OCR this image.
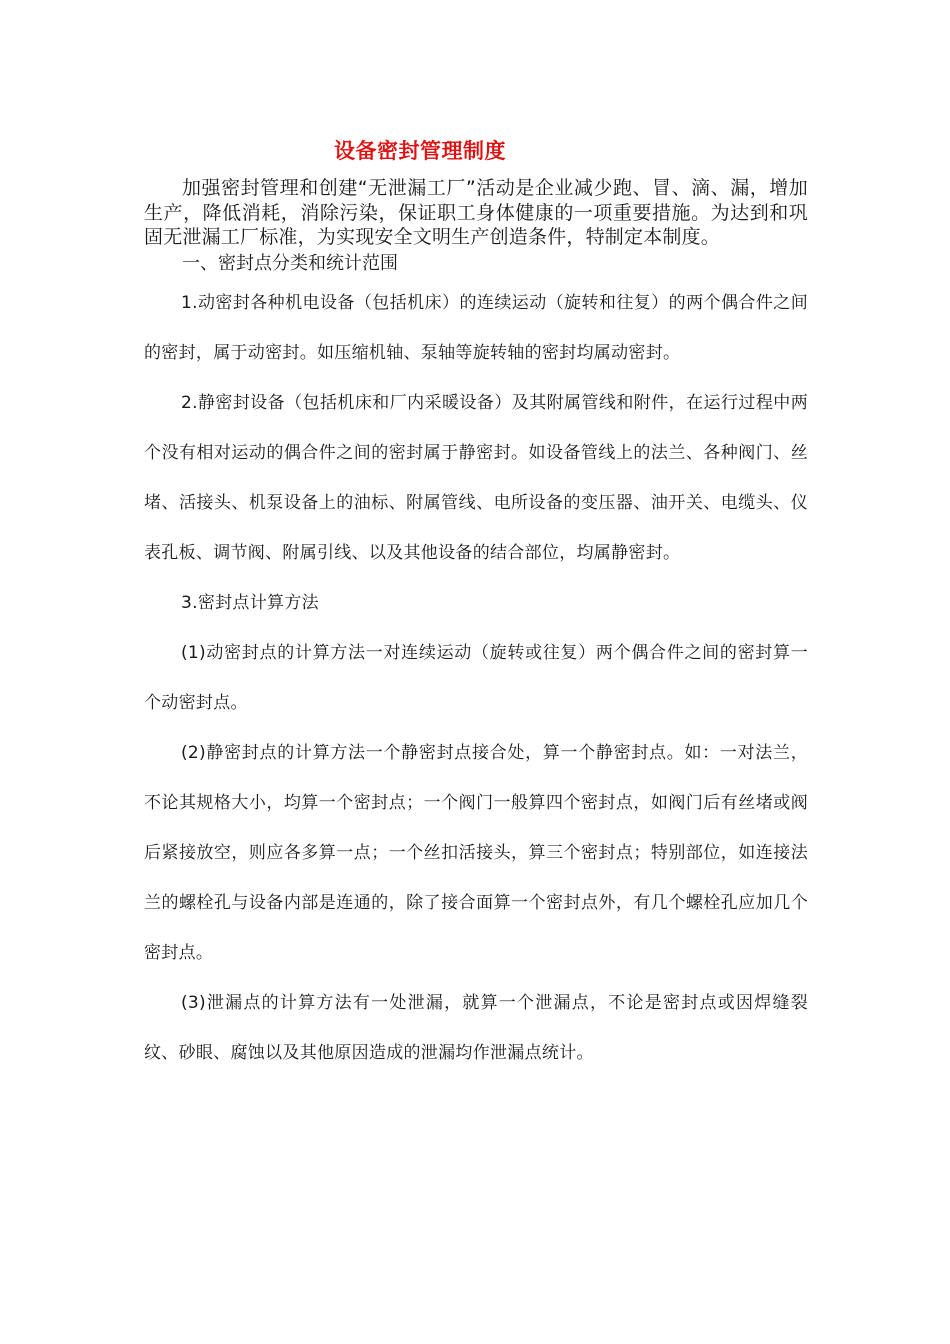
设备密封管理制度

加强密封管理和创建“无泄漏工厂”活动是企业减少跑、冒、滴、漏，增加生产，降低消耗，消除污染，保证职工身体健康的一项重要措施。为达到和巩固无泄漏工厂标准，为实现安全文明生产创造条件，特制定本制度。

一、密封点分类和统计范围

1.动密封各种机电设备（包括机床）的连续运动（旋转和往复）的两个偶合件之间的密封，属于动密封。如压缩机轴、泵轴等旋转轴的密封均属动密封。

2.静密封设备（包括机床和厂内采暖设备）及其附属管线和附件，在运行过程中两个没有相对运动的偶合件之间的密封属于静密封。如设备管线上的法兰、各种阀门、丝堵、活接头、机泵设备上的油标、附属管线、电所设备的变压器、油开关、电缆头、仪表孔板、调节阀、附属引线、以及其他设备的结合部位，均属静密封。

3.密封点计算方法

(1)动密封点的计算方法一对连续运动（旋转或往复）两个偶合件之间的密封算一个动密封点。

(2)静密封点的计算方法一个静密封点接合处，算一个静密封点。如：一对法兰，不论其规格大小，均算一个密封点；一个阀门一般算四个密封点，如阀门后有丝堵或阀后紧接放空，则应各多算一点；一个丝扣活接头，算三个密封点；特别部位，如连接法兰的螺栓孔与设备内部是连通的，除了接合面算一个密封点外，有几个螺栓孔应加几个密封点。

(3)泄漏点的计算方法有一处泄漏，就算一个泄漏点，不论是密封点或因焊缝裂纹、砂眼、腐蚀以及其他原因造成的泄漏均作泄漏点统计。
